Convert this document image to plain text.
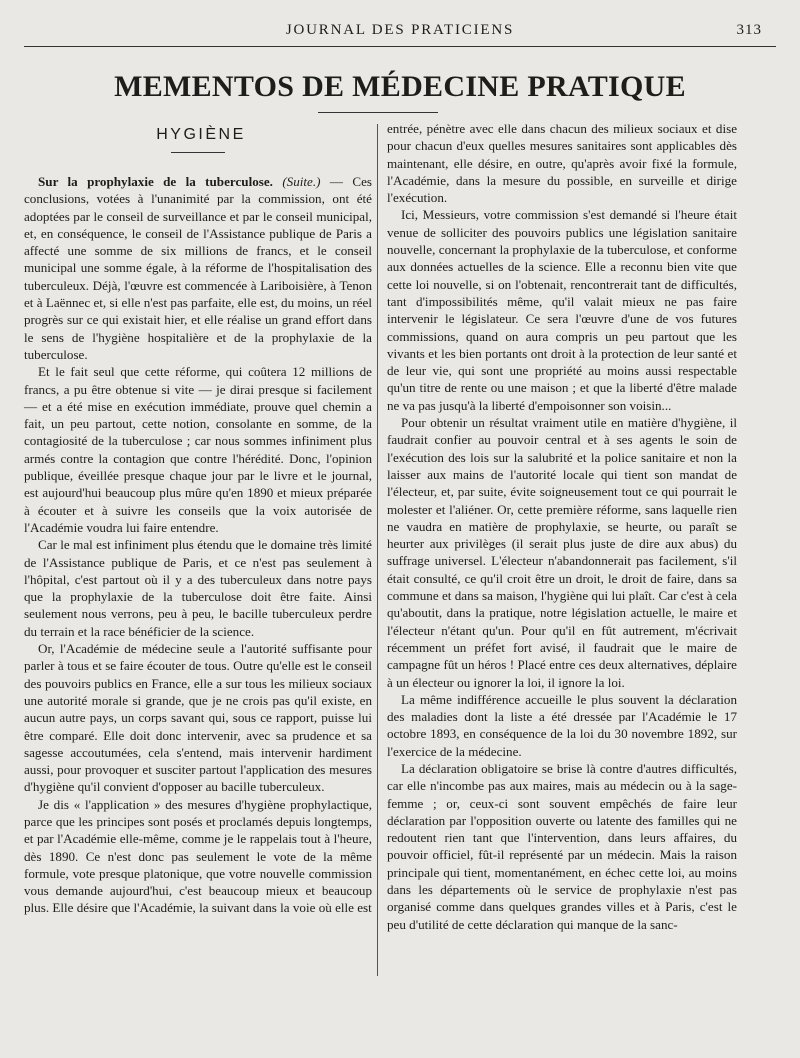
JOURNAL DES PRATICIENS	313
MEMENTOS DE MÉDECINE PRATIQUE
HYGIÈNE

Sur la prophylaxie de la tuberculose. (Suite.) — Ces conclusions, votées à l'unanimité par la commission, ont été adoptées par le conseil de surveillance et par le conseil municipal, et, en conséquence, le conseil de l'Assistance publique de Paris a affecté une somme de six millions de francs, et le conseil municipal une somme égale, à la réforme de l'hospitalisation des tuberculeux. Déjà, l'œuvre est commencée à Lariboisière, à Tenon et à Laënnec et, si elle n'est pas parfaite, elle est, du moins, un réel progrès sur ce qui existait hier, et elle réalise un grand effort dans le sens de l'hygiène hospitalière et de la prophylaxie de la tuberculose.

Et le fait seul que cette réforme, qui coûtera 12 millions de francs, a pu être obtenue si vite — je dirai presque si facilement — et a été mise en exécution immédiate, prouve quel chemin a fait, un peu partout, cette notion, consolante en somme, de la contagiosité de la tuberculose ; car nous sommes infiniment plus armés contre la contagion que contre l'hérédité. Donc, l'opinion publique, éveillée presque chaque jour par le livre et le journal, est aujourd'hui beaucoup plus mûre qu'en 1890 et mieux préparée à écouter et à suivre les conseils que la voix autorisée de l'Académie voudra lui faire entendre.

Car le mal est infiniment plus étendu que le domaine très limité de l'Assistance publique de Paris, et ce n'est pas seulement à l'hôpital, c'est partout où il y a des tuberculeux dans notre pays que la prophylaxie de la tuberculose doit être faite. Ainsi seulement nous verrons, peu à peu, le bacille tuberculeux perdre du terrain et la race bénéficier de la science.

Or, l'Académie de médecine seule a l'autorité suffisante pour parler à tous et se faire écouter de tous. Outre qu'elle est le conseil des pouvoirs publics en France, elle a sur tous les milieux sociaux une autorité morale si grande, que je ne crois pas qu'il existe, en aucun autre pays, un corps savant qui, sous ce rapport, puisse lui être comparé. Elle doit donc intervenir, avec sa prudence et sa sagesse accoutumées, cela s'entend, mais intervenir hardiment aussi, pour provoquer et susciter partout l'application des mesures d'hygiène qu'il convient d'opposer au bacille tuberculeux.

Je dis « l'application » des mesures d'hygiène prophylactique, parce que les principes sont posés et proclamés depuis longtemps, et par l'Académie elle-même, comme je le rappelais tout à l'heure, dès 1890. Ce n'est donc pas seulement le vote de la même formule, vote presque platonique, que votre nouvelle commission vous demande aujourd'hui, c'est beaucoup mieux et beaucoup plus. Elle désire que l'Académie, la suivant dans la voie où elle est

entrée, pénètre avec elle dans chacun des milieux sociaux et dise pour chacun d'eux quelles mesures sanitaires sont applicables dès maintenant, elle désire, en outre, qu'après avoir fixé la formule, l'Académie, dans la mesure du possible, en surveille et dirige l'exécution.

Ici, Messieurs, votre commission s'est demandé si l'heure était venue de solliciter des pouvoirs publics une législation sanitaire nouvelle, concernant la prophylaxie de la tuberculose, et conforme aux données actuelles de la science. Elle a reconnu bien vite que cette loi nouvelle, si on l'obtenait, rencontrerait tant de difficultés, tant d'impossibilités même, qu'il valait mieux ne pas faire intervenir le législateur. Ce sera l'œuvre d'une de vos futures commissions, quand on aura compris un peu partout que les vivants et les bien portants ont droit à la protection de leur santé et de leur vie, qui sont une propriété au moins aussi respectable qu'un titre de rente ou une maison ; et que la liberté d'être malade ne va pas jusqu'à la liberté d'empoisonner son voisin...

Pour obtenir un résultat vraiment utile en matière d'hygiène, il faudrait confier au pouvoir central et à ses agents le soin de l'exécution des lois sur la salubrité et la police sanitaire et non la laisser aux mains de l'autorité locale qui tient son mandat de l'électeur, et, par suite, évite soigneusement tout ce qui pourrait le molester et l'aliéner. Or, cette première réforme, sans laquelle rien ne vaudra en matière de prophylaxie, se heurte, ou paraît se heurter aux privilèges (il serait plus juste de dire aux abus) du suffrage universel. L'électeur n'abandonnerait pas facilement, s'il était consulté, ce qu'il croit être un droit, le droit de faire, dans sa commune et dans sa maison, l'hygiène qui lui plaît. Car c'est à cela qu'aboutit, dans la pratique, notre législation actuelle, le maire et l'électeur n'étant qu'un. Pour qu'il en fût autrement, m'écrivait récemment un préfet fort avisé, il faudrait que le maire de campagne fût un héros ! Placé entre ces deux alternatives, déplaire à un électeur ou ignorer la loi, il ignore la loi.

La même indifférence accueille le plus souvent la déclaration des maladies dont la liste a été dressée par l'Académie le 17 octobre 1893, en conséquence de la loi du 30 novembre 1892, sur l'exercice de la médecine.

La déclaration obligatoire se brise là contre d'autres difficultés, car elle n'incombe pas aux maires, mais au médecin ou à la sage-femme ; or, ceux-ci sont souvent empêchés de faire leur déclaration par l'opposition ouverte ou latente des familles qui ne redoutent rien tant que l'intervention, dans leurs affaires, du pouvoir officiel, fût-il représenté par un médecin. Mais la raison principale qui tient, momentanément, en échec cette loi, au moins dans les départements où le service de prophylaxie n'est pas organisé comme dans quelques grandes villes et à Paris, c'est le peu d'utilité de cette déclaration qui manque de la sanc-
